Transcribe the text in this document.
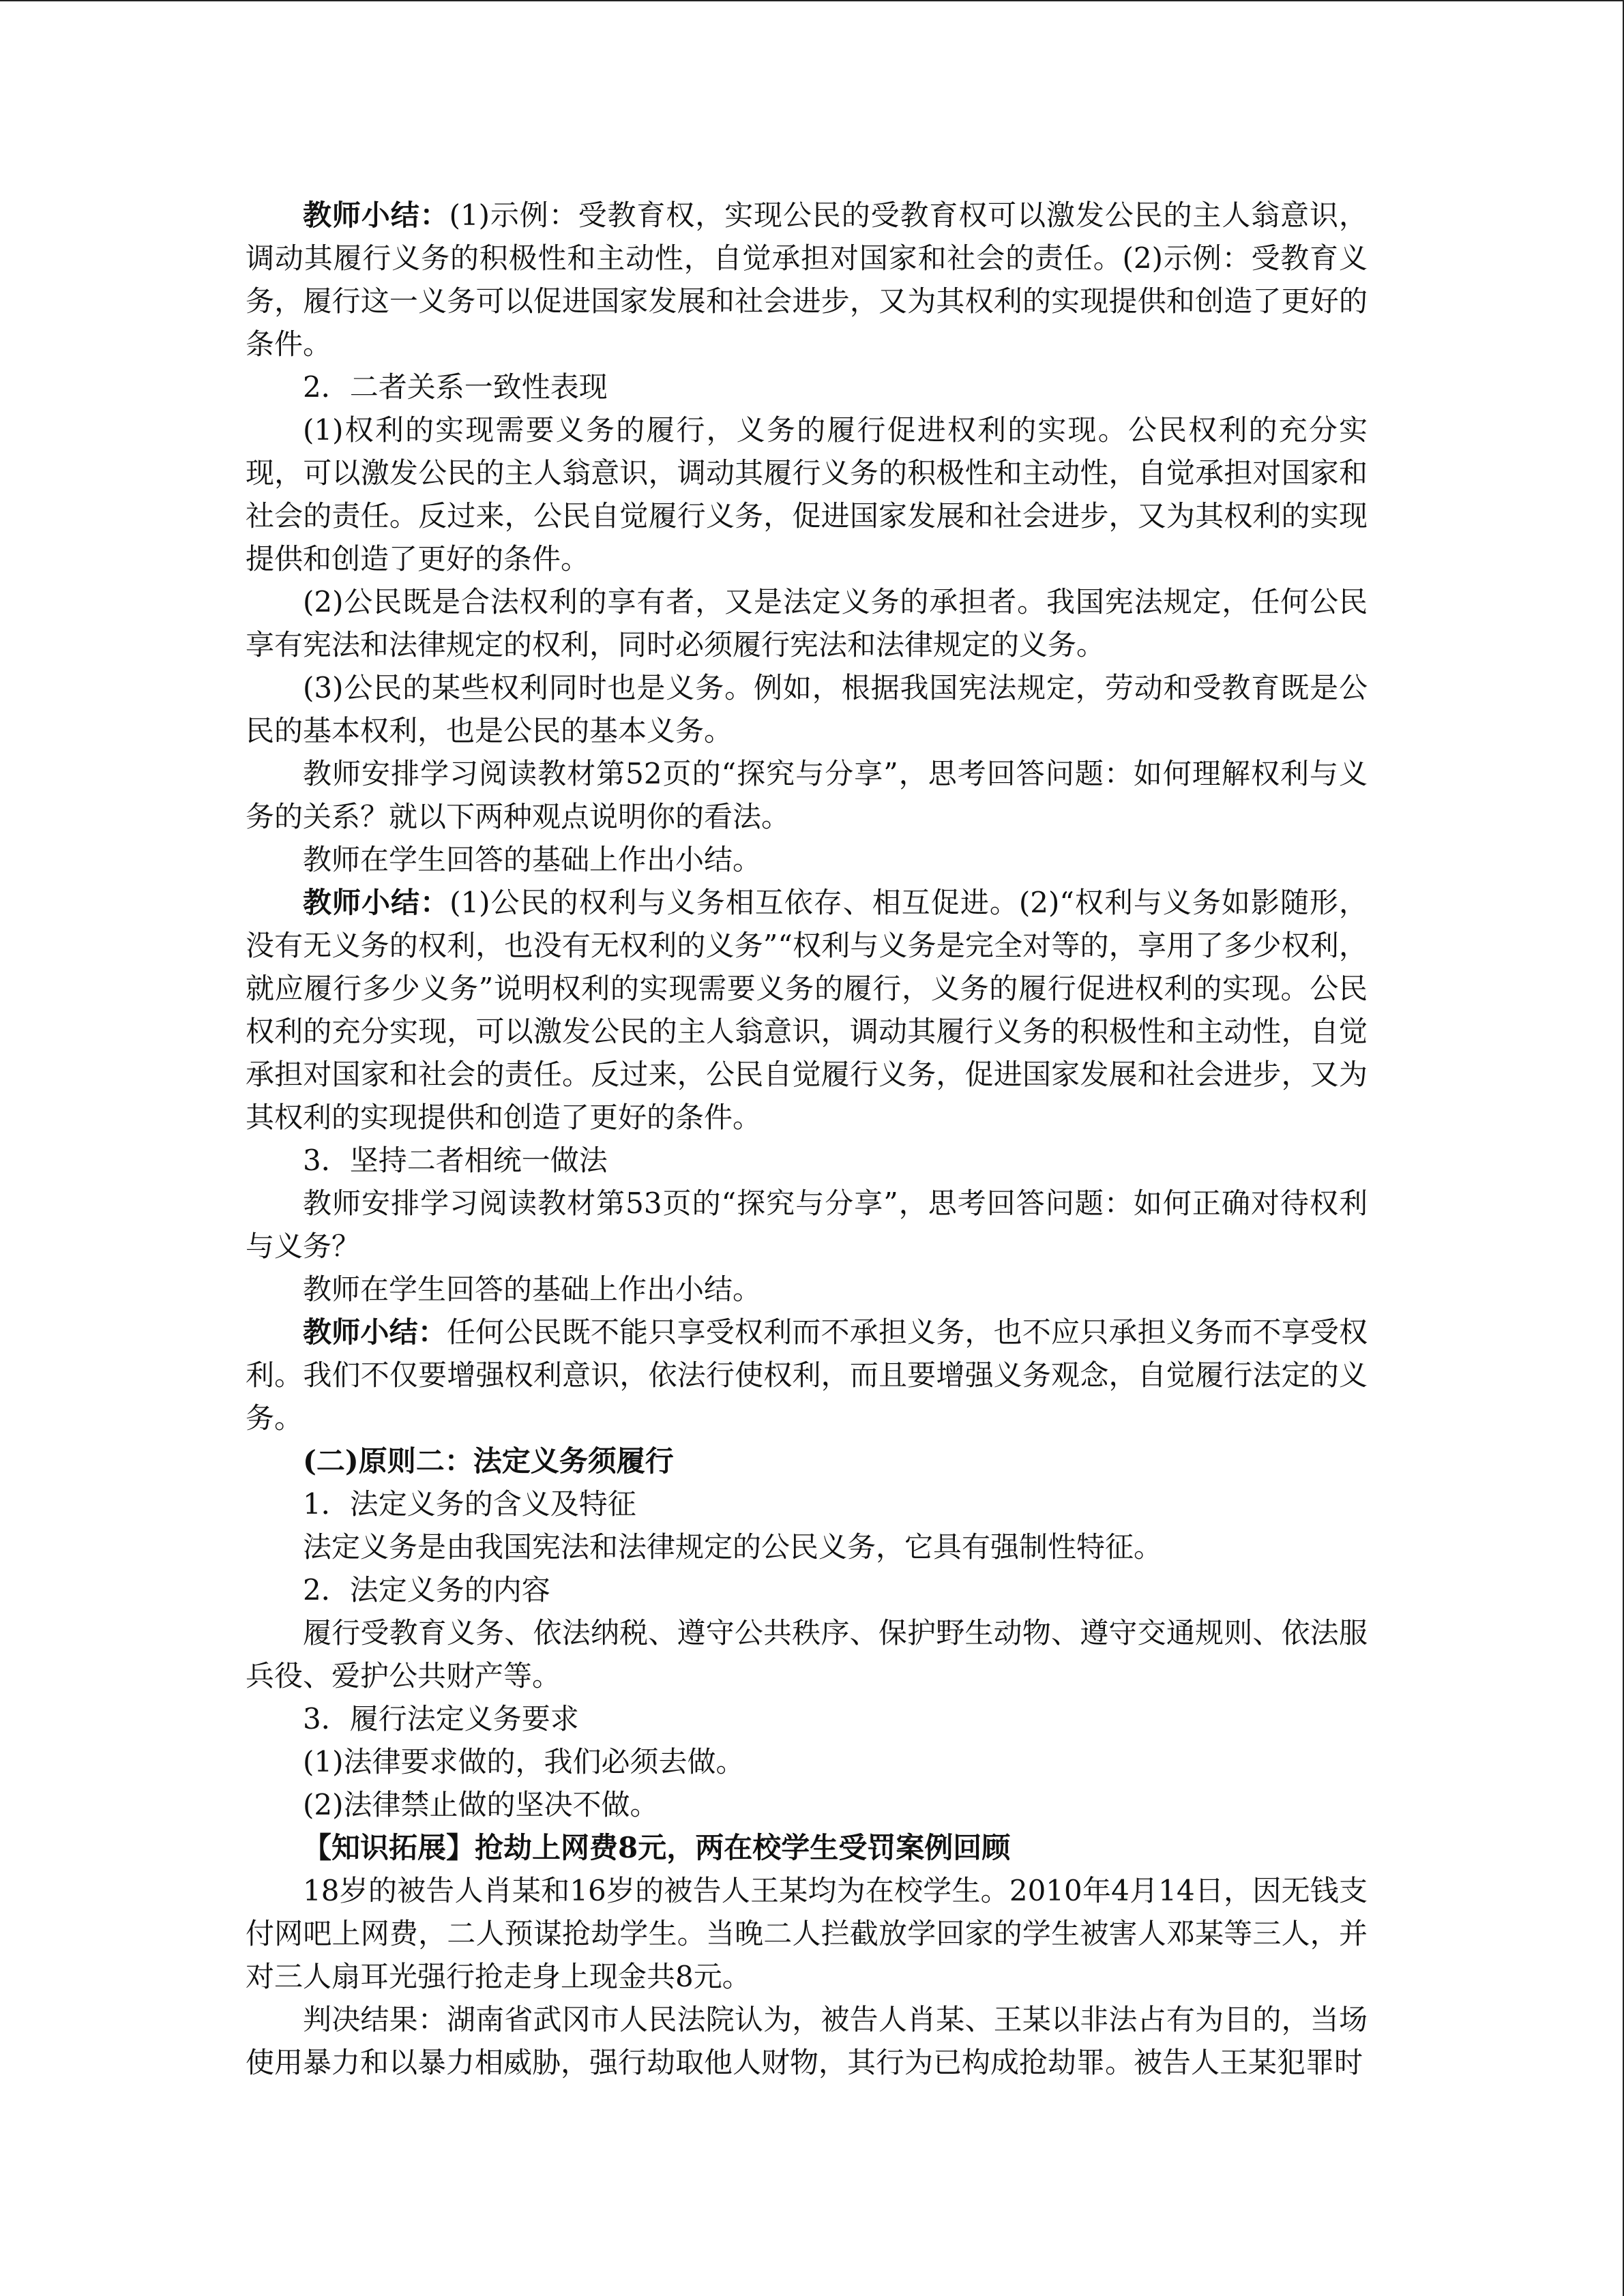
教师小结：(1)示例：受教育权，实现公民的受教育权可以激发公民的主人翁意识，调动其履行义务的积极性和主动性，自觉承担对国家和社会的责任。(2)示例：受教育义务，履行这一义务可以促进国家发展和社会进步，又为其权利的实现提供和创造了更好的条件。

2．二者关系一致性表现

(1)权利的实现需要义务的履行，义务的履行促进权利的实现。公民权利的充分实现，可以激发公民的主人翁意识，调动其履行义务的积极性和主动性，自觉承担对国家和社会的责任。反过来，公民自觉履行义务，促进国家发展和社会进步，又为其权利的实现提供和创造了更好的条件。

(2)公民既是合法权利的享有者，又是法定义务的承担者。我国宪法规定，任何公民享有宪法和法律规定的权利，同时必须履行宪法和法律规定的义务。

(3)公民的某些权利同时也是义务。例如，根据我国宪法规定，劳动和受教育既是公民的基本权利，也是公民的基本义务。

教师安排学习阅读教材第52页的“探究与分享”，思考回答问题：如何理解权利与义务的关系？就以下两种观点说明你的看法。

教师在学生回答的基础上作出小结。

教师小结：(1)公民的权利与义务相互依存、相互促进。(2)“权利与义务如影随形，没有无义务的权利，也没有无权利的义务”“权利与义务是完全对等的，享用了多少权利，就应履行多少义务”说明权利的实现需要义务的履行，义务的履行促进权利的实现。公民权利的充分实现，可以激发公民的主人翁意识，调动其履行义务的积极性和主动性，自觉承担对国家和社会的责任。反过来，公民自觉履行义务，促进国家发展和社会进步，又为其权利的实现提供和创造了更好的条件。

3．坚持二者相统一做法

教师安排学习阅读教材第53页的“探究与分享”，思考回答问题：如何正确对待权利与义务？

教师在学生回答的基础上作出小结。

教师小结：任何公民既不能只享受权利而不承担义务，也不应只承担义务而不享受权利。我们不仅要增强权利意识，依法行使权利，而且要增强义务观念，自觉履行法定的义务。

(二)原则二：法定义务须履行

1．法定义务的含义及特征

法定义务是由我国宪法和法律规定的公民义务，它具有强制性特征。

2．法定义务的内容

履行受教育义务、依法纳税、遵守公共秩序、保护野生动物、遵守交通规则、依法服兵役、爱护公共财产等。

3．履行法定义务要求

(1)法律要求做的，我们必须去做。

(2)法律禁止做的坚决不做。

【知识拓展】抢劫上网费8元，两在校学生受罚案例回顾

18岁的被告人肖某和16岁的被告人王某均为在校学生。2010年4月14日，因无钱支付网吧上网费，二人预谋抢劫学生。当晚二人拦截放学回家的学生被害人邓某等三人，并对三人扇耳光强行抢走身上现金共8元。

判决结果：湖南省武冈市人民法院认为，被告人肖某、王某以非法占有为目的，当场使用暴力和以暴力相威胁，强行劫取他人财物，其行为已构成抢劫罪。被告人王某犯罪时
